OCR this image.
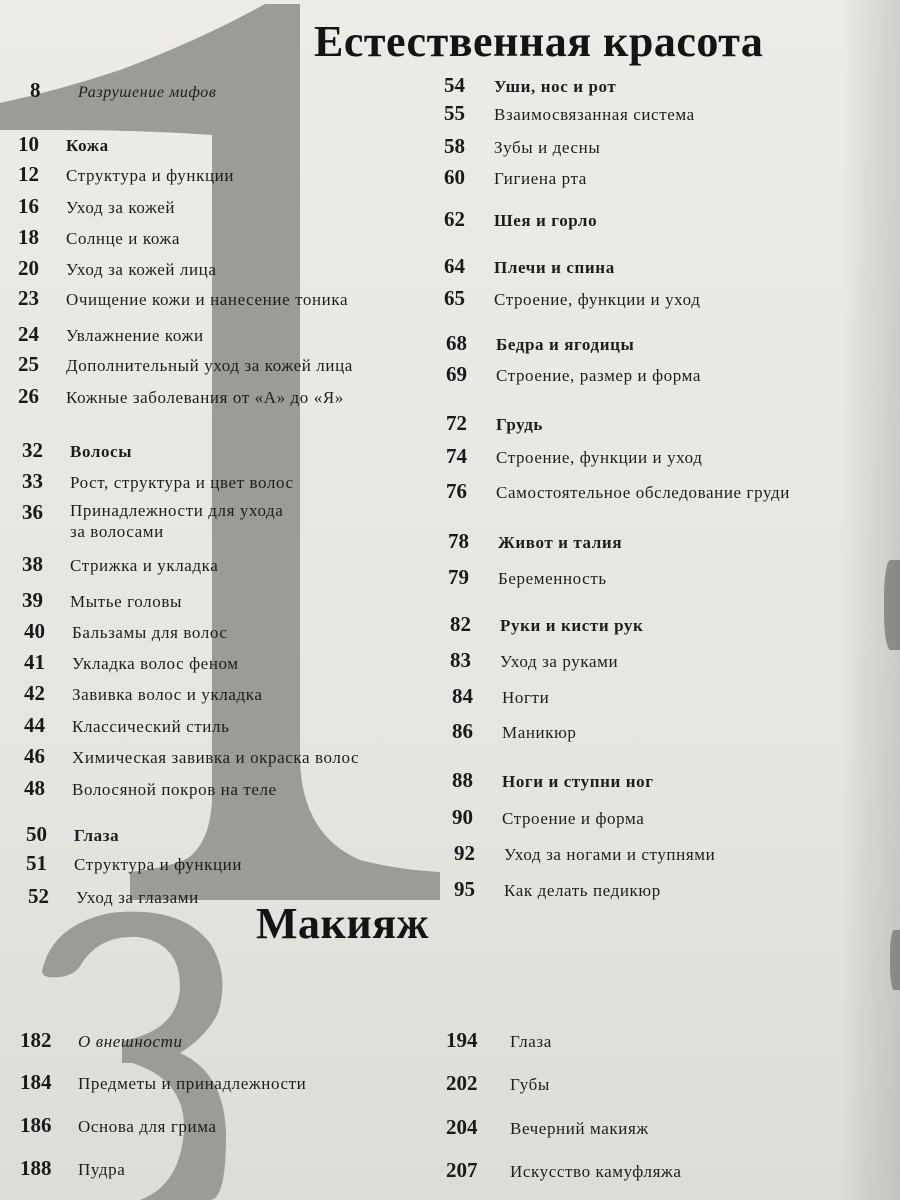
Естественная красота
Макияж
8	Разрушение мифов
10	Кожа
12	Структура и функции
16	Уход за кожей
18	Солнце и кожа
20	Уход за кожей лица
23	Очищение кожи и нанесение тоника
24	Увлажнение кожи
25	Дополнительный уход за кожей лица
26	Кожные заболевания от «А» до «Я»
32	Волосы
33	Рост, структура и цвет волос
36	Принадлежности для ухода
за волосами
38	Стрижка и укладка
39	Мытье головы
40	Бальзамы для волос
41	Укладка волос феном
42	Завивка волос и укладка
44	Классический стиль
46	Химическая завивка и окраска волос
48	Волосяной покров на теле
50	Глаза
51	Структура и функции
52	Уход за глазами
54	Уши, нос и рот
55	Взаимосвязанная система
58	Зубы и десны
60	Гигиена рта
62	Шея и горло
64	Плечи и спина
65	Строение, функции и уход
68	Бедра и ягодицы
69	Строение, размер и форма
72	Грудь
74	Строение, функции и уход
76	Самостоятельное обследование груди
78	Живот и талия
79	Беременность
82	Руки и кисти рук
83	Уход за руками
84	Ногти
86	Маникюр
88	Ноги и ступни ног
90	Строение и форма
92	Уход за ногами и ступнями
95	Как делать педикюр
182	О внешности
184	Предметы и принадлежности
186	Основа для грима
188	Пудра
194	Глаза
202	Губы
204	Вечерний макияж
207	Искусство камуфляжа
